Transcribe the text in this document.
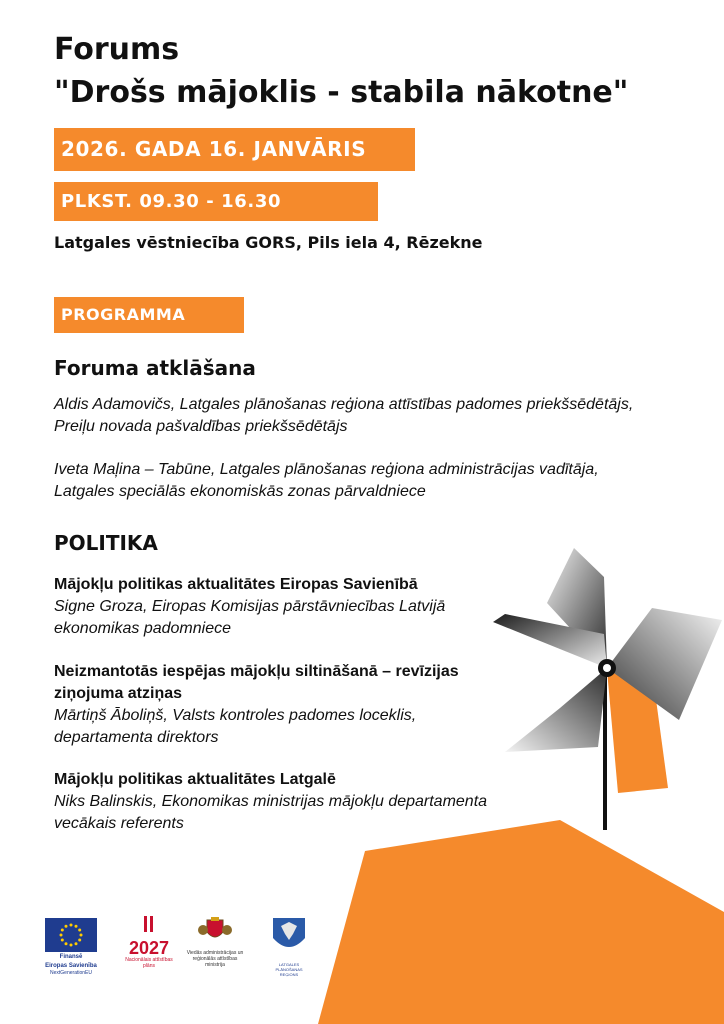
Forums
"Drošs mājoklis - stabila nākotne"
2026. GADA 16. JANVĀRIS
PLKST. 09.30 - 16.30
Latgales vēstniecība GORS, Pils iela 4, Rēzekne
PROGRAMMA
Foruma atklāšana

Aldis Adamovičs, Latgales plānošanas reģiona attīstības padomes priekšsēdētājs, Preiļu novada pašvaldības priekšsēdētājs

Iveta Maļina – Tabūne, Latgales plānošanas reģiona administrācijas vadītāja, Latgales speciālās ekonomiskās zonas pārvaldniece

POLITIKA

Mājokļu politikas aktualitātes Eiropas Savienībā

Signe Groza, Eiropas Komisijas pārstāvniecības Latvijā ekonomikas padomniece

Neizmantotās iespējas mājokļu siltināšanā – revīzijas ziņojuma atziņas

Mārtiņš Āboliņš, Valsts kontroles padomes loceklis, departamenta direktors

Mājokļu politikas aktualitātes Latgalē

Niks Balinskis, Ekonomikas ministrijas mājokļu departamenta vecākais referents

Finansē
Eiropas Savienība
NextGenerationEU
2027
Nacionālais attīstības plāns
Viedās administrācijas un reģionālās attīstības ministrija	LATGALES PLĀNOŠANAS REĢIONS
